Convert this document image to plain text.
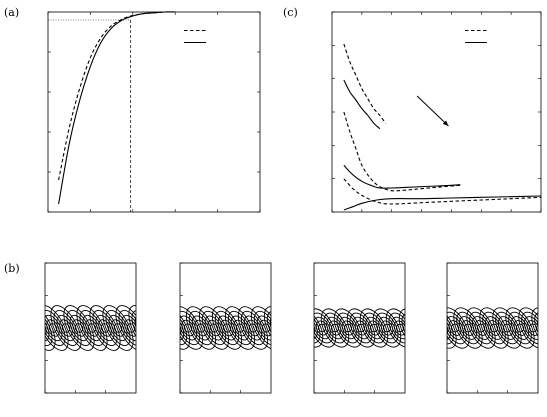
(a)	(c)
(b)
